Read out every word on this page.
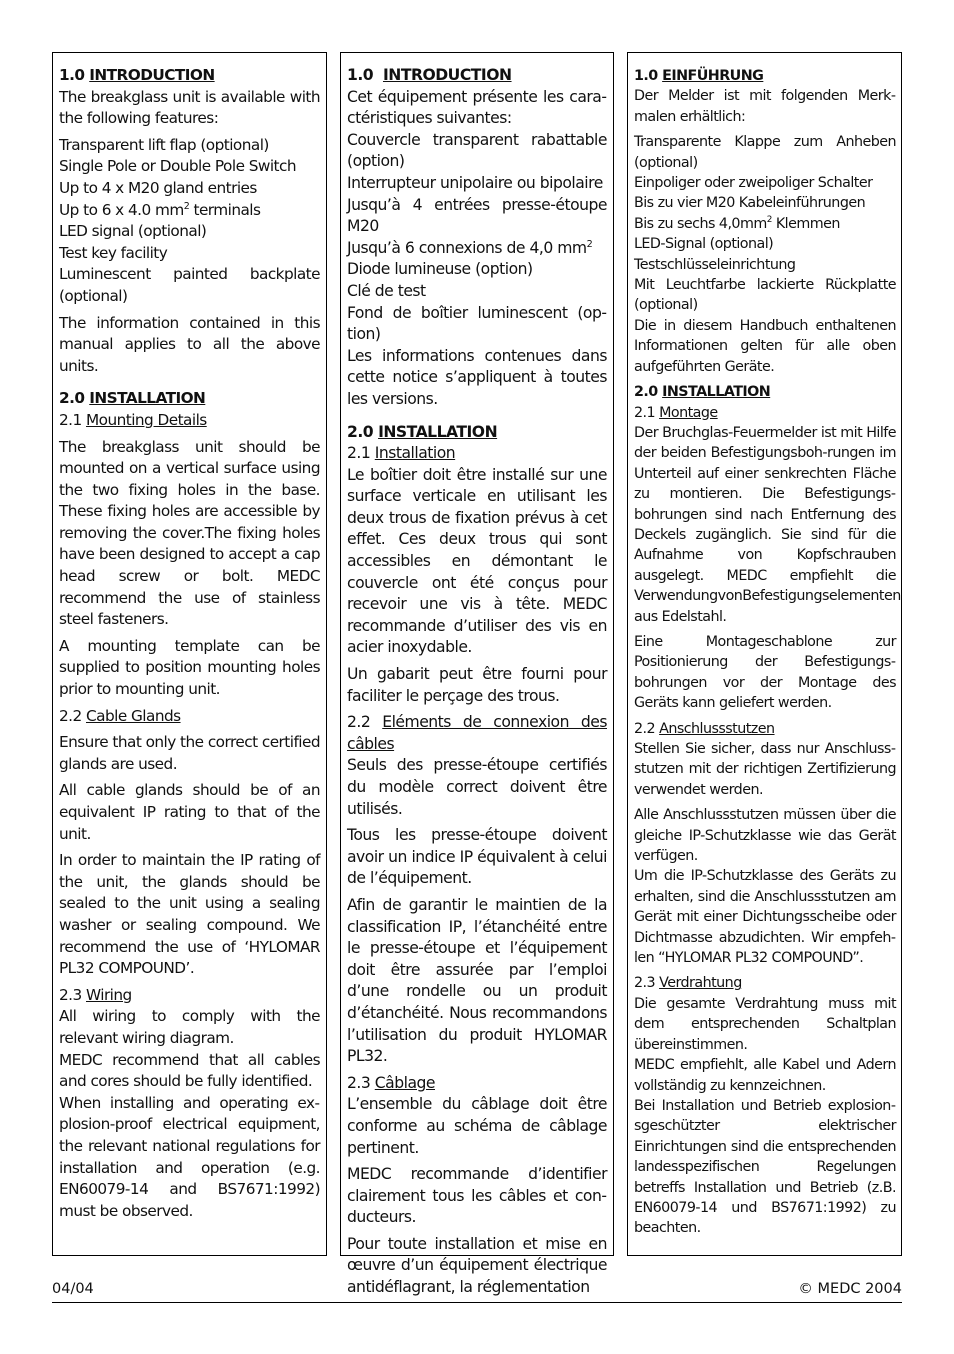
1.0 INTRODUCTION

The breakglass unit is available with the following features:

Transparent lift flap (optional)

Single Pole or Double Pole Switch

Up to 4 x M20 gland entries

Up to 6 x 4.0 $mm^2$ terminals

LED signal (optional)

Test key facility

Luminescent painted backplate (optional)

The information contained in this manual applies to all the above units.

2.0 INSTALLATION

2.1 Mounting Details

The breakglass unit should be mounted on a vertical surface using the two fixing holes in the base. These fixing holes are accessible by removing the cover.The fixing holes have been designed to accept a cap head screw or bolt. MEDC recommend the use of stainless steel fasteners.

A mounting template can be supplied to position mounting holes prior to mounting unit.

2.2 Cable Glands

Ensure that only the correct certified glands are used.

All cable glands should be of an equivalent IP rating to that of the unit.

In order to maintain the IP rating of the unit, the glands should be sealed to the unit using a sealing washer or sealing compound. We recommend the use of ‘HYLOMAR PL32 COMPOUND’.

2.3 Wiring

All wiring to comply with the relevant wiring diagram.

MEDC recommend that all cables and cores should be fully identified.

When installing and operating explosion-proof electrical equipment, the relevant national regulations for installation and operation (e.g. EN60079-14 and BS7671:1992) must be observed.

1.0 INTRODUCTION

Cet équipement présente les caractéristiques suivantes:

Couvercle transparent rabattable (option)

Interrupteur unipolaire ou bipolaire

Jusqu’à 4 entrées presse-étoupe M20

Jusqu’à 6 connexions de 4,0 $mm^2$

Diode lumineuse (option)

Clé de test

Fond de boîtier luminescent (option)

Les informations contenues dans cette notice s’appliquent à toutes les versions.

2.0 INSTALLATION

2.1 Installation

Le boîtier doit être installé sur une surface verticale en utilisant les deux trous de fixation prévus à cet effet. Ces deux trous qui sont accessibles en démontant le couvercle ont été conçus pour recevoir une vis à tête. MEDC recommande d’utiliser des vis en acier inoxydable.

Un gabarit peut être fourni pour faciliter le perçage des trous.

2.2 Eléments de connexion des câbles

Seuls des presse-étoupe certifiés du modèle correct doivent être utilisés.

Tous les presse-étoupe doivent avoir un indice IP équivalent à celui de l’équipement.

Afin de garantir le maintien de la classification IP, l’étanchéité entre le presse-étoupe et l’équipement doit être assurée par l’emploi d’une rondelle ou un produit d’étanchéité. Nous recommandons l’utilisation du produit HYLOMAR PL32.

2.3 Câblage

L’ensemble du câblage doit être conforme au schéma de câblage pertinent.

MEDC recommande d’identifier clairement tous les câbles et conducteurs.

Pour toute installation et mise en œuvre d’un équipement électrique antidéflagrant, la réglementation

1.0 EINFÜHRUNG

Der Melder ist mit folgenden Merkmalen erhältlich:

Transparente Klappe zum Anheben (optional)

Einpoliger oder zweipoliger Schalter

Bis zu vier M20 Kabeleinführungen

Bis zu sechs $4,0mm^2$ Klemmen

LED-Signal (optional)

Testschlüsseleinrichtung

Mit Leuchtfarbe lackierte Rückplatte (optional)

Die in diesem Handbuch enthaltenen Informationen gelten für alle oben aufgeführten Geräte.

2.0 INSTALLATION

2.1 Montage

Der Bruchglas-Feuermelder ist mit Hilfe der beiden Befestigungsboh-rungen im Unterteil auf einer senkrechten Fläche zu montieren. Die Befestigungsbohrungen sind nach Entfernung des Deckels zugänglich. Sie sind für die Aufnahme von Kopfschrauben ausgelegt. MEDC empfiehlt die VerwendungvonBefestigungselementen aus Edelstahl.

Eine Montageschablone zur Positionierung der Befestigungsbohrungen vor der Montage des Geräts kann geliefert werden.

2.2 Anschlussstutzen

Stellen Sie sicher, dass nur Anschlussstutzen mit der richtigen Zertifizierung verwendet werden.

Alle Anschlussstutzen müssen über die gleiche IP-Schutzklasse wie das Gerät verfügen.

Um die IP-Schutzklasse des Geräts zu erhalten, sind die Anschlussstutzen am Gerät mit einer Dichtungsscheibe oder Dichtmasse abzudichten. Wir empfehlen “HYLOMAR PL32 COMPOUND”.

2.3 Verdrahtung

Die gesamte Verdrahtung muss mit dem entsprechenden Schaltplan übereinstimmen.

MEDC empfiehlt, alle Kabel und Adern vollständig zu kennzeichnen.

Bei Installation und Betrieb explosionsgeschützter elektrischer Einrichtungen sind die entsprechenden landesspezifischen Regelungen betreffs Installation und Betrieb (z.B. EN60079-14 und BS7671:1992) zu beachten.

04/04	© MEDC 2004
